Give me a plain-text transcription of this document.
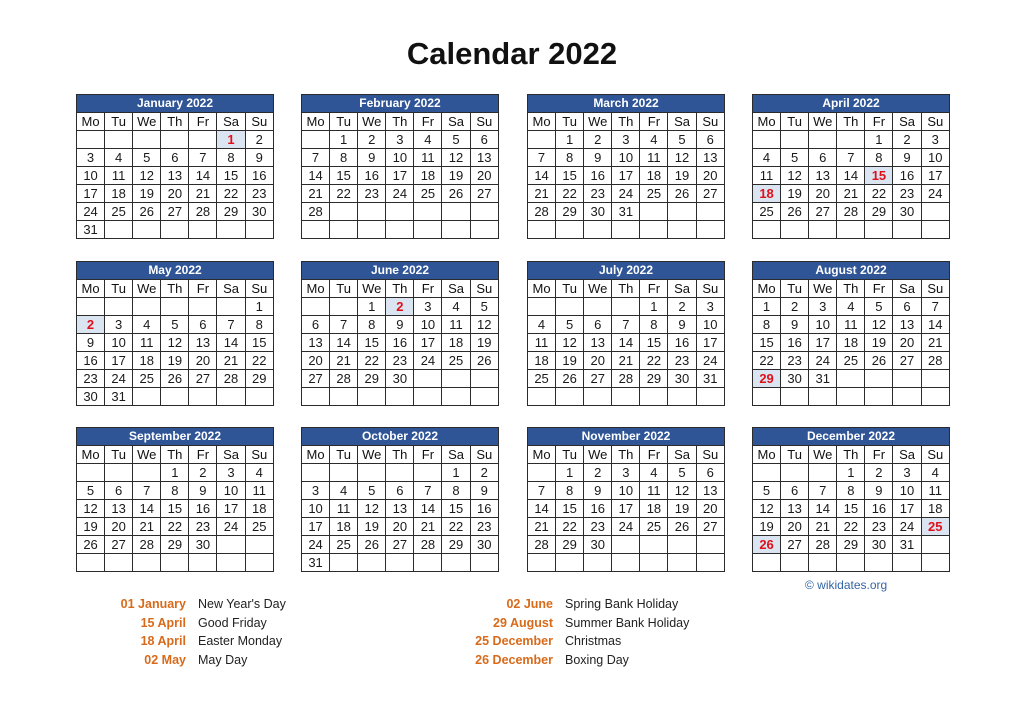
Calendar 2022
January 2022						
Mo	Tu	We	Th	Fr	Sa	Su
					1	2
3	4	5	6	7	8	9
10	11	12	13	14	15	16
17	18	19	20	21	22	23
24	25	26	27	28	29	30
31						
February 2022						
Mo	Tu	We	Th	Fr	Sa	Su
	1	2	3	4	5	6
7	8	9	10	11	12	13
14	15	16	17	18	19	20
21	22	23	24	25	26	27
28						

March 2022						
Mo	Tu	We	Th	Fr	Sa	Su
	1	2	3	4	5	6
7	8	9	10	11	12	13
14	15	16	17	18	19	20
21	22	23	24	25	26	27
28	29	30	31			

April 2022						
Mo	Tu	We	Th	Fr	Sa	Su
				1	2	3
4	5	6	7	8	9	10
11	12	13	14	15	16	17
18	19	20	21	22	23	24
25	26	27	28	29	30	

May 2022						
Mo	Tu	We	Th	Fr	Sa	Su
						1
2	3	4	5	6	7	8
9	10	11	12	13	14	15
16	17	18	19	20	21	22
23	24	25	26	27	28	29
30	31					
June 2022						
Mo	Tu	We	Th	Fr	Sa	Su
		1	2	3	4	5
6	7	8	9	10	11	12
13	14	15	16	17	18	19
20	21	22	23	24	25	26
27	28	29	30			

July 2022						
Mo	Tu	We	Th	Fr	Sa	Su
				1	2	3
4	5	6	7	8	9	10
11	12	13	14	15	16	17
18	19	20	21	22	23	24
25	26	27	28	29	30	31

August 2022						
Mo	Tu	We	Th	Fr	Sa	Su
1	2	3	4	5	6	7
8	9	10	11	12	13	14
15	16	17	18	19	20	21
22	23	24	25	26	27	28
29	30	31				

September 2022						
Mo	Tu	We	Th	Fr	Sa	Su
			1	2	3	4
5	6	7	8	9	10	11
12	13	14	15	16	17	18
19	20	21	22	23	24	25
26	27	28	29	30		

October 2022						
Mo	Tu	We	Th	Fr	Sa	Su
					1	2
3	4	5	6	7	8	9
10	11	12	13	14	15	16
17	18	19	20	21	22	23
24	25	26	27	28	29	30
31						
November 2022						
Mo	Tu	We	Th	Fr	Sa	Su
	1	2	3	4	5	6
7	8	9	10	11	12	13
14	15	16	17	18	19	20
21	22	23	24	25	26	27
28	29	30				

December 2022						
Mo	Tu	We	Th	Fr	Sa	Su
			1	2	3	4
5	6	7	8	9	10	11
12	13	14	15	16	17	18
19	20	21	22	23	24	25
26	27	28	29	30	31	

© wikidates.org
01 January New Year's Day
15 April Good Friday
18 April Easter Monday
02 May May Day
02 June Spring Bank Holiday
29 August Summer Bank Holiday
25 December Christmas
26 December Boxing Day
